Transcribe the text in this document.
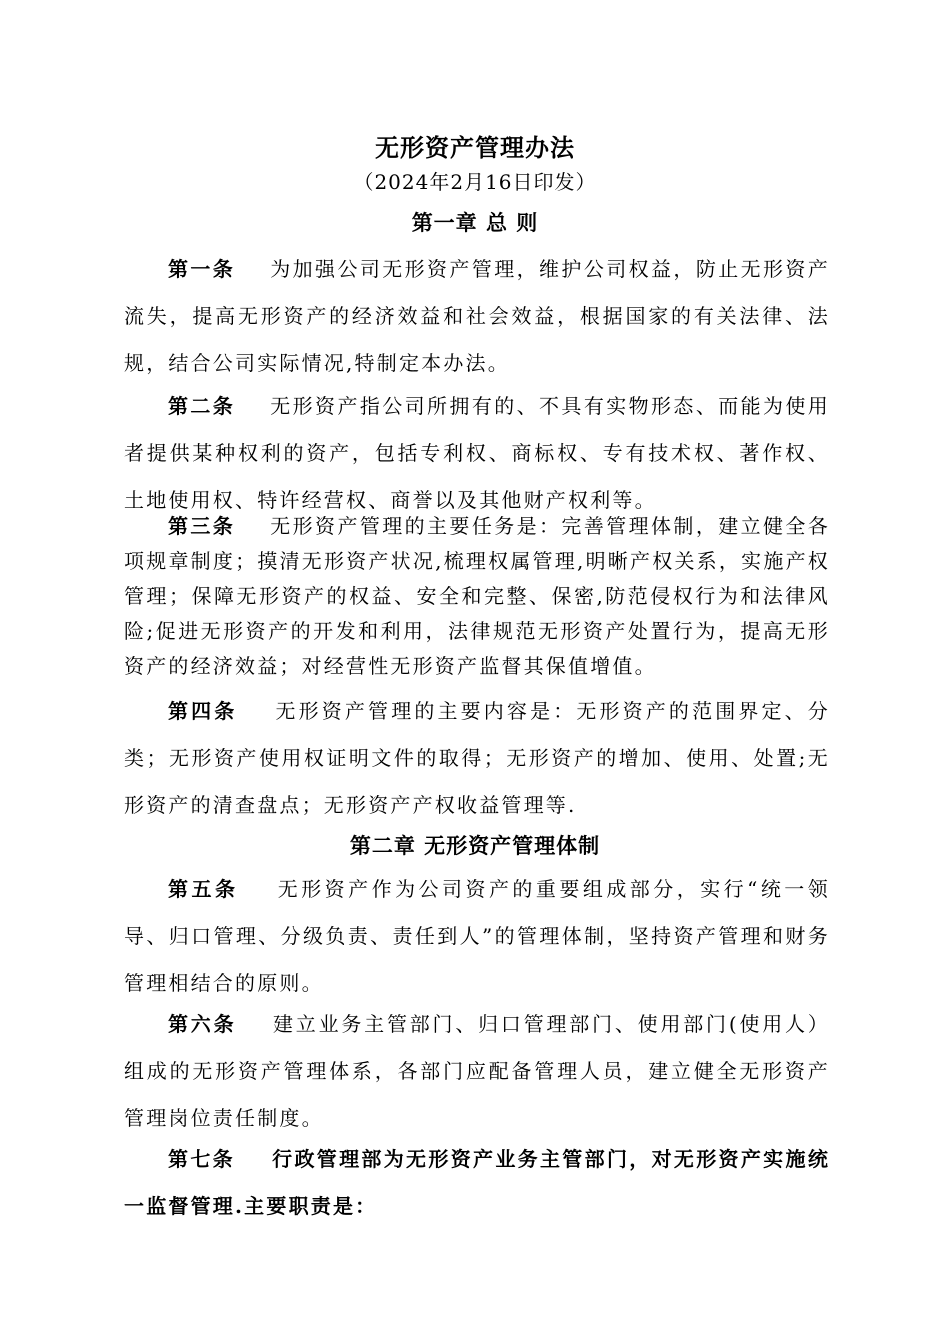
无形资产管理办法
（2024年2月16日印发）
第一章 总 则
第一条 为加强公司无形资产管理，维护公司权益，防止无形资产流失，提高无形资产的经济效益和社会效益，根据国家的有关法律、法规，结合公司实际情况,特制定本办法。
第二条 无形资产指公司所拥有的、不具有实物形态、而能为使用者提供某种权利的资产，包括专利权、商标权、专有技术权、著作权、土地使用权、特许经营权、商誉以及其他财产权利等。
第三条 无形资产管理的主要任务是：完善管理体制，建立健全各项规章制度；摸清无形资产状况,梳理权属管理,明晰产权关系，实施产权管理；保障无形资产的权益、安全和完整、保密,防范侵权行为和法律风险;促进无形资产的开发和利用，法律规范无形资产处置行为，提高无形资产的经济效益；对经营性无形资产监督其保值增值。
第四条 无形资产管理的主要内容是：无形资产的范围界定、分类；无形资产使用权证明文件的取得；无形资产的增加、使用、处置;无形资产的清查盘点；无形资产产权收益管理等.
第二章 无形资产管理体制
第五条 无形资产作为公司资产的重要组成部分，实行“统一领导、归口管理、分级负责、责任到人”的管理体制，坚持资产管理和财务管理相结合的原则。
第六条 建立业务主管部门、归口管理部门、使用部门(使用人）组成的无形资产管理体系，各部门应配备管理人员，建立健全无形资产管理岗位责任制度。
第七条 行政管理部为无形资产业务主管部门，对无形资产实施统一监督管理.主要职责是：
